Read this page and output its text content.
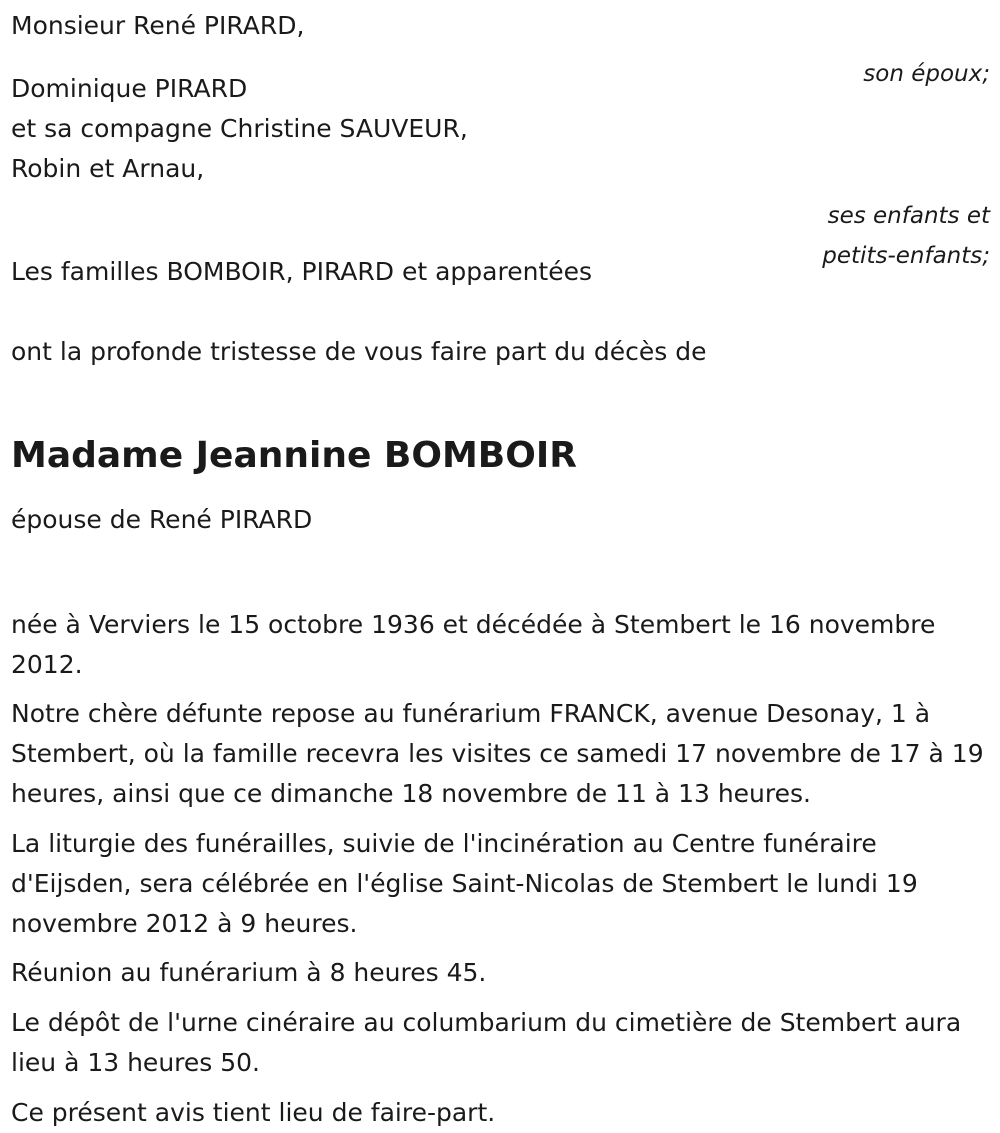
Monsieur René PIRARD,

son époux;

Dominique PIRARD

et sa compagne Christine SAUVEUR,

Robin et Arnau,

ses enfants et

petits-enfants;

Les familles BOMBOIR, PIRARD et apparentées

ont la profonde tristesse de vous faire part du décès de

Madame Jeannine BOMBOIR

épouse de René PIRARD

née à Verviers le 15 octobre 1936 et décédée à Stembert le 16 novembre 2012.

Notre chère défunte repose au funérarium FRANCK, avenue Desonay, 1 à Stembert, où la famille recevra les visites ce samedi 17 novembre de 17 à 19 heures, ainsi que ce dimanche 18 novembre de 11 à 13 heures.

La liturgie des funérailles, suivie de l'incinération au Centre funéraire d'Eijsden, sera célébrée en l'église Saint-Nicolas de Stembert le lundi 19 novembre 2012 à 9 heures.

Réunion au funérarium à 8 heures 45.

Le dépôt de l'urne cinéraire au columbarium du cimetière de Stembert aura lieu à 13 heures 50.

Ce présent avis tient lieu de faire-part.
